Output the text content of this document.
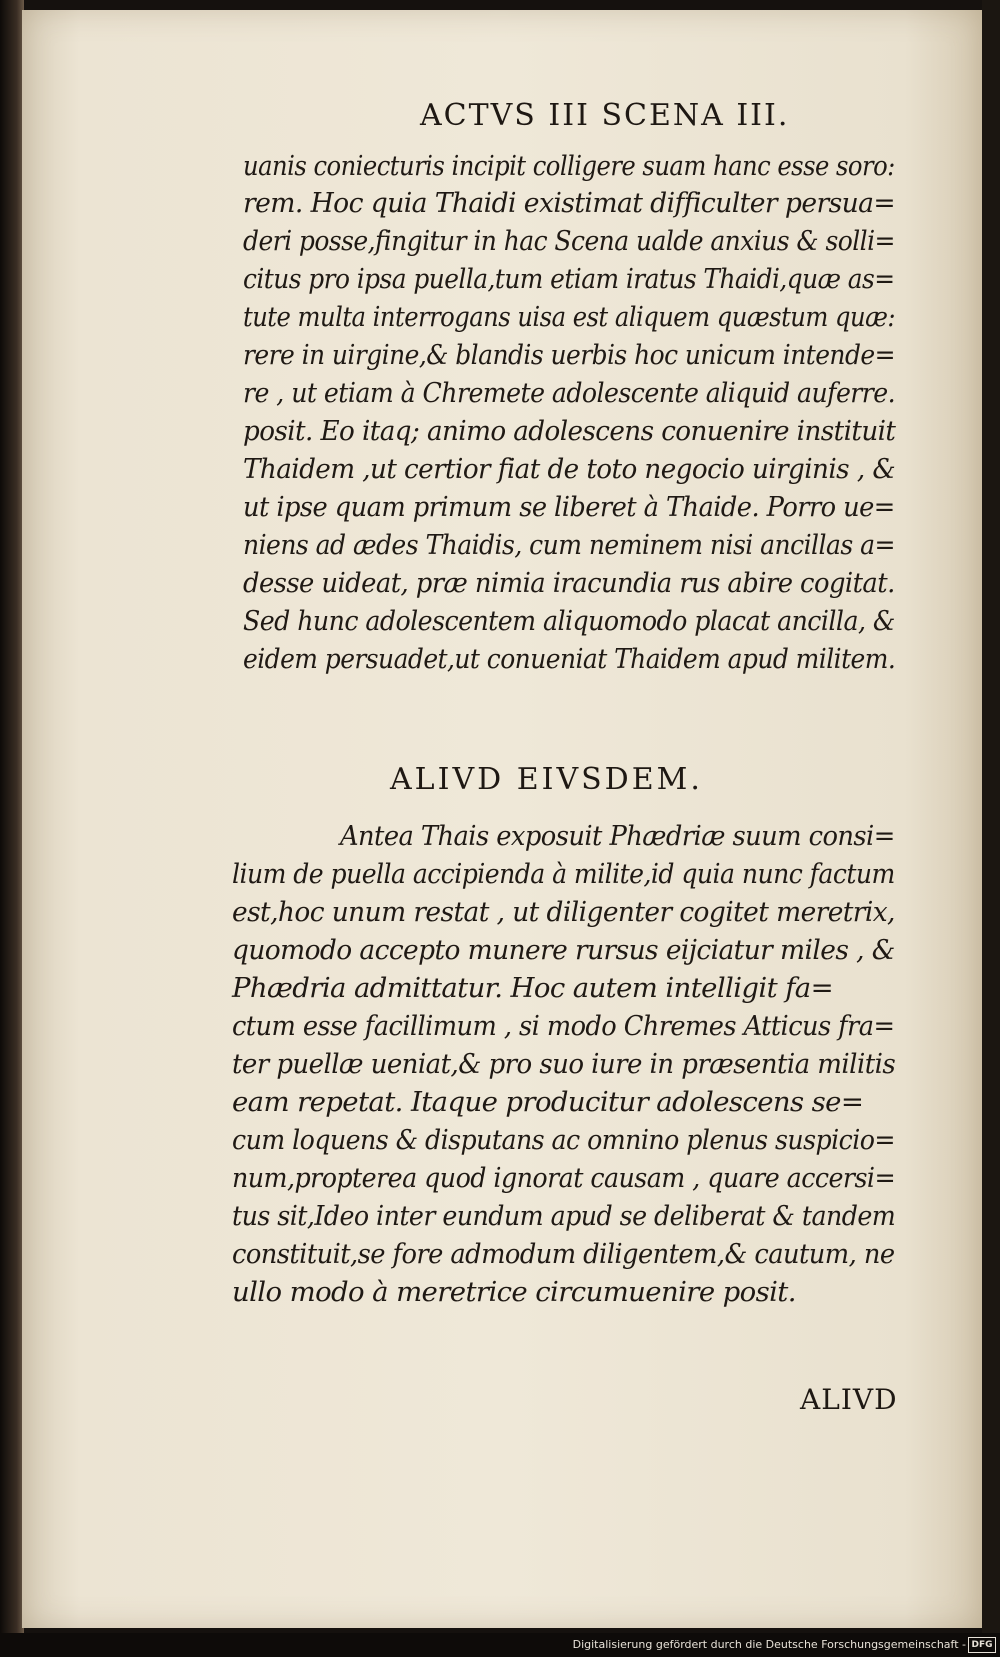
ACTVS III SCENA III.
uanis coniecturis incipit colligere suam hanc esse soro:
rem. Hoc quia Thaidi existimat difficulter persua=
deri posse,fingitur in hac Scena ualde anxius & solli=
citus pro ipsa puella,tum etiam iratus Thaidi,quæ as=
tute multa interrogans uisa est aliquem quæstum quæ:
rere in uirgine,& blandis uerbis hoc unicum intende=
re , ut etiam à Chremete adolescente aliquid auferre.
posit. Eo itaq; animo adolescens conuenire instituit
Thaidem ,ut certior fiat de toto negocio uirginis , &
ut ipse quam primum se liberet à Thaide. Porro ue=
niens ad ædes Thaidis, cum neminem nisi ancillas a=
desse uideat, præ nimia iracundia rus abire cogitat.
Sed hunc adolescentem aliquomodo placat ancilla, &
eidem persuadet,ut conueniat Thaidem apud militem.
ALIVD EIVSDEM.
Antea Thais exposuit Phædriæ suum consi=
lium de puella accipienda à milite,id quia nunc factum
est,hoc unum restat , ut diligenter cogitet meretrix,
quomodo accepto munere rursus eijciatur miles , &
Phædria admittatur. Hoc autem intelligit fa=
ctum esse facillimum , si modo Chremes Atticus fra=
ter puellæ ueniat,& pro suo iure in præsentia militis
eam repetat. Itaque producitur adolescens se=
cum loquens & disputans ac omnino plenus suspicio=
num,propterea quod ignorat causam , quare accersi=
tus sit,Ideo inter eundum apud se deliberat & tandem
constituit,se fore admodum diligentem,& cautum, ne
ullo modo à meretrice circumuenire posit.
ALIVD
Digitalisierung gefördert durch die Deutsche Forschungsgemeinschaft - DFG
